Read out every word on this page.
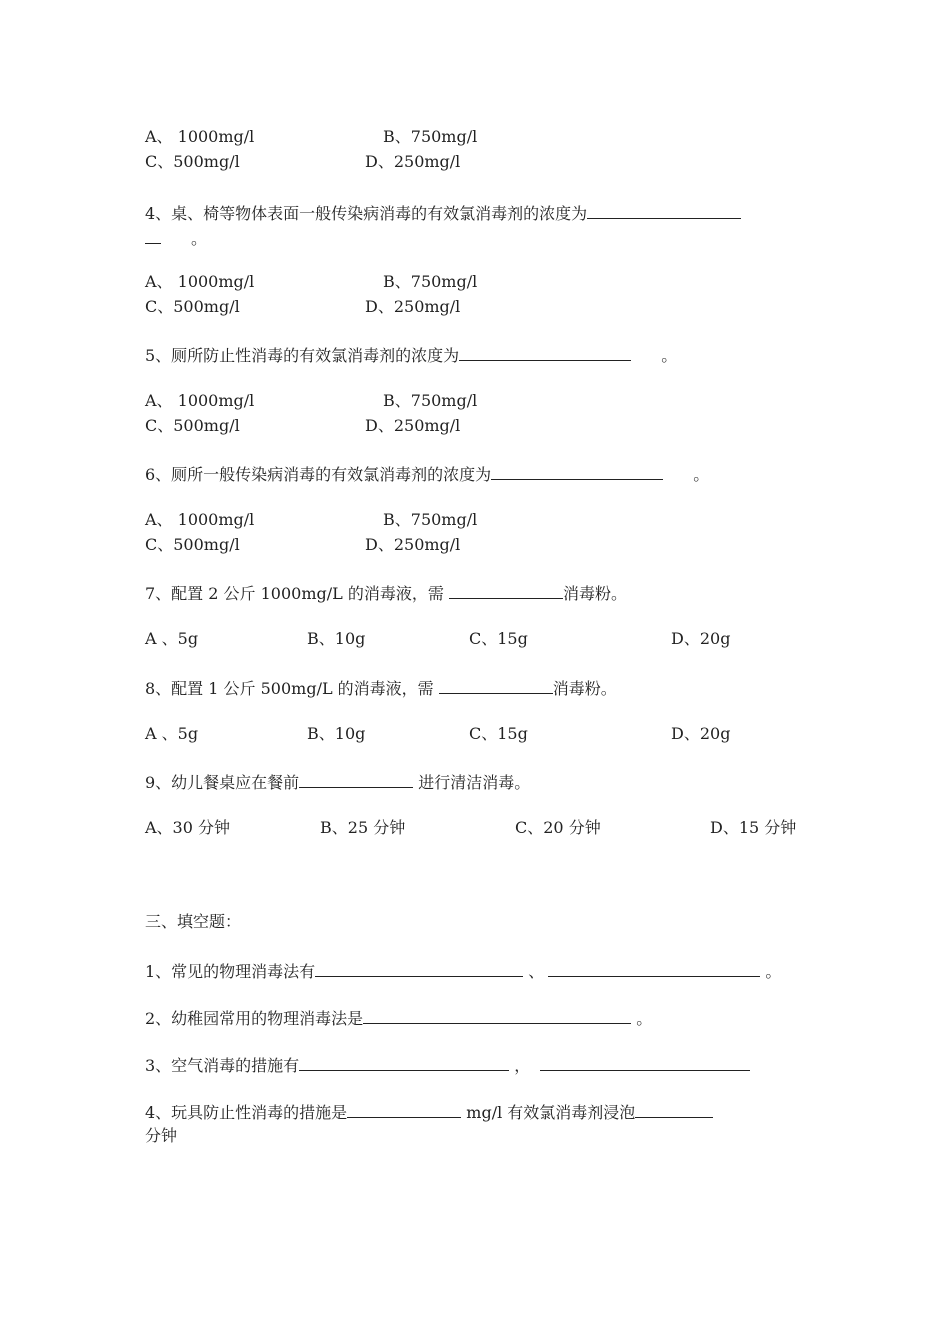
A、 1000mg/l	B、750mg/l
C、500mg/l	D、250mg/l
4、桌、椅等物体表面一般传染病消毒的有效氯消毒剂的浓度为
。
A、 1000mg/l	B、750mg/l
C、500mg/l	D、250mg/l
5、厕所防止性消毒的有效氯消毒剂的浓度为	。
A、 1000mg/l	B、750mg/l
C、500mg/l	D、250mg/l
6、厕所一般传染病消毒的有效氯消毒剂的浓度为	。
A、 1000mg/l	B、750mg/l
C、500mg/l	D、250mg/l
7、配置 2 公斤 1000mg/L 的消毒液，需	消毒粉。
A 、5g	B、10g	C、15g	D、20g
8、配置 1 公斤 500mg/L 的消毒液，需	消毒粉。
A 、5g	B、10g	C、15g	D、20g
9、幼儿餐桌应在餐前	进行清洁消毒。
A、30 分钟	B、25 分钟	C、20 分钟	D、15 分钟
三、填空题：
1、常见的物理消毒法有	、	。
2、幼稚园常用的物理消毒法是	。
3、空气消毒的措施有	，
4、玩具防止性消毒的措施是	mg/l 有效氯消毒剂浸泡
分钟
